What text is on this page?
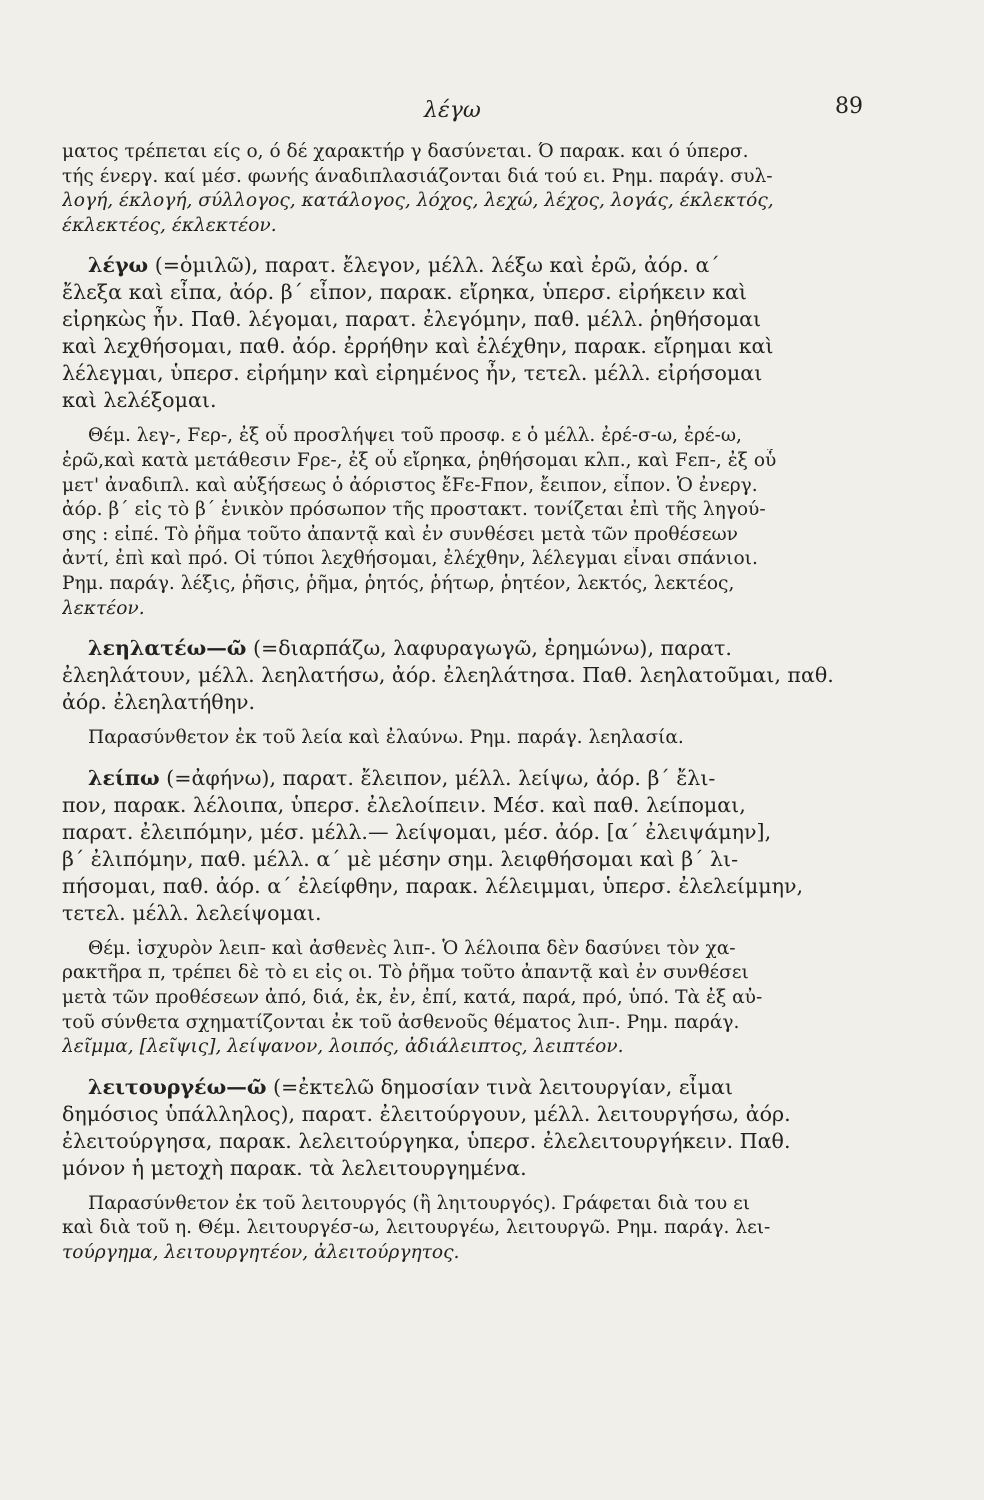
λέγω	89
ματος τρέπεται είς ο, ό δέ χαρακτήρ γ δασύνεται. Ό παρακ. και ό ύπερσ.
τής ένεργ. καί μέσ. φωνής άναδιπλασιάζονται διά τού ει. Ρημ. παράγ. συλ-
λογή, έκλογή, σύλλογος, κατάλογος, λόχος, λεχώ, λέχος, λογάς, έκλεκτός,
έκλεκτέος, έκλεκτέον.
λέγω (=ὁμιλῶ), παρατ. ἔλεγον, μέλλ. λέξω καὶ ἐρῶ, ἀόρ. α΄
ἔλεξα καὶ εἶπα, ἀόρ. β΄ εἶπον, παρακ. εἴρηκα, ὑπερσ. εἰρήκειν καὶ
εἰρηκὼς ἦν. Παθ. λέγομαι, παρατ. ἐλεγόμην, παθ. μέλλ. ῥηθήσομαι
καὶ λεχθήσομαι, παθ. ἀόρ. ἐρρήθην καὶ ἐλέχθην, παρακ. εἴρημαι καὶ
λέλεγμαι, ὑπερσ. εἰρήμην καὶ εἰρημένος ἦν, τετελ. μέλλ. εἰρήσομαι
καὶ λελέξομαι.
Θέμ. λεγ-, Fερ-, ἐξ οὗ προσλήψει τοῦ προσφ. ε ὁ μέλλ. ἐρέ-σ-ω, ἐρέ-ω,
ἐρῶ,καὶ κατὰ μετάθεσιν Fρε-, ἐξ οὗ εἴρηκα, ῥηθήσομαι κλπ., καὶ Fεπ-, ἐξ οὗ
μετ' ἀναδιπλ. καὶ αὐξήσεως ὁ ἀόριστος ἔFε-Fπον, ἔειπον, εἶπον. Ὁ ἐνεργ.
ἀόρ. β΄ εἰς τὸ β΄ ἑνικὸν πρόσωπον τῆς προστακτ. τονίζεται ἐπὶ τῆς ληγού-
σης : εἰπέ. Τὸ ῥῆμα τοῦτο ἀπαντᾷ καὶ ἐν συνθέσει μετὰ τῶν προθέσεων
ἀντί, ἐπὶ καὶ πρό. Οἱ τύποι λεχθήσομαι, ἐλέχθην, λέλεγμαι εἶναι σπάνιοι.
Ρημ. παράγ. λέξις, ῥῆσις, ῥῆμα, ῥητός, ῥήτωρ, ῥητέον, λεκτός, λεκτέος,
λεκτέον.
λεηλατέω—ῶ (=διαρπάζω, λαφυραγωγῶ, ἐρημώνω), παρατ.
ἐλεηλάτουν, μέλλ. λεηλατήσω, ἀόρ. ἐλεηλάτησα. Παθ. λεηλατοῦμαι, παθ.
ἀόρ. ἐλεηλατήθην.
Παρασύνθετον ἐκ τοῦ λεία καὶ ἐλαύνω. Ρημ. παράγ. λεηλασία.
λείπω (=ἀφήνω), παρατ. ἔλειπον, μέλλ. λείψω, ἀόρ. β΄ ἔλι-
πον, παρακ. λέλοιπα, ὑπερσ. ἐλελοίπειν. Μέσ. καὶ παθ. λείπομαι,
παρατ. ἐλειπόμην, μέσ. μέλλ.— λείψομαι, μέσ. ἀόρ. [α΄ ἐλειψάμην],
β΄ ἐλιπόμην, παθ. μέλλ. α΄ μὲ μέσην σημ. λειφθήσομαι καὶ β΄ λι-
πήσομαι, παθ. ἀόρ. α΄ ἐλείφθην, παρακ. λέλειμμαι, ὑπερσ. ἐλελείμμην,
τετελ. μέλλ. λελείψομαι.
Θέμ. ἰσχυρὸν λειπ- καὶ ἀσθενὲς λιπ-. Ὁ λέλοιπα δὲν δασύνει τὸν χα-
ρακτῆρα π, τρέπει δὲ τὸ ει εἰς οι. Τὸ ῥῆμα τοῦτο ἀπαντᾷ καὶ ἐν συνθέσει
μετὰ τῶν προθέσεων ἀπό, διά, ἐκ, ἐν, ἐπί, κατά, παρά, πρό, ὑπό. Τὰ ἐξ αὐ-
τοῦ σύνθετα σχηματίζονται ἐκ τοῦ ἀσθενοῦς θέματος λιπ-. Ρημ. παράγ.
λεῖμμα, [λεῖψις], λείψανον, λοιπός, ἀδιάλειπτος, λειπτέον.
λειτουργέω—ῶ (=ἐκτελῶ δημοσίαν τινὰ λειτουργίαν, εἶμαι
δημόσιος ὑπάλληλος), παρατ. ἐλειτούργουν, μέλλ. λειτουργήσω, ἀόρ.
ἐλειτούργησα, παρακ. λελειτούργηκα, ὑπερσ. ἐλελειτουργήκειν. Παθ.
μόνον ἡ μετοχὴ παρακ. τὰ λελειτουργημένα.
Παρασύνθετον ἐκ τοῦ λειτουργός (ἢ ληιτουργός). Γράφεται διὰ του ει
καὶ διὰ τοῦ η. Θέμ. λειτουργέσ-ω, λειτουργέω, λειτουργῶ. Ρημ. παράγ. λει-
τούργημα, λειτουργητέον, ἀλειτούργητος.
